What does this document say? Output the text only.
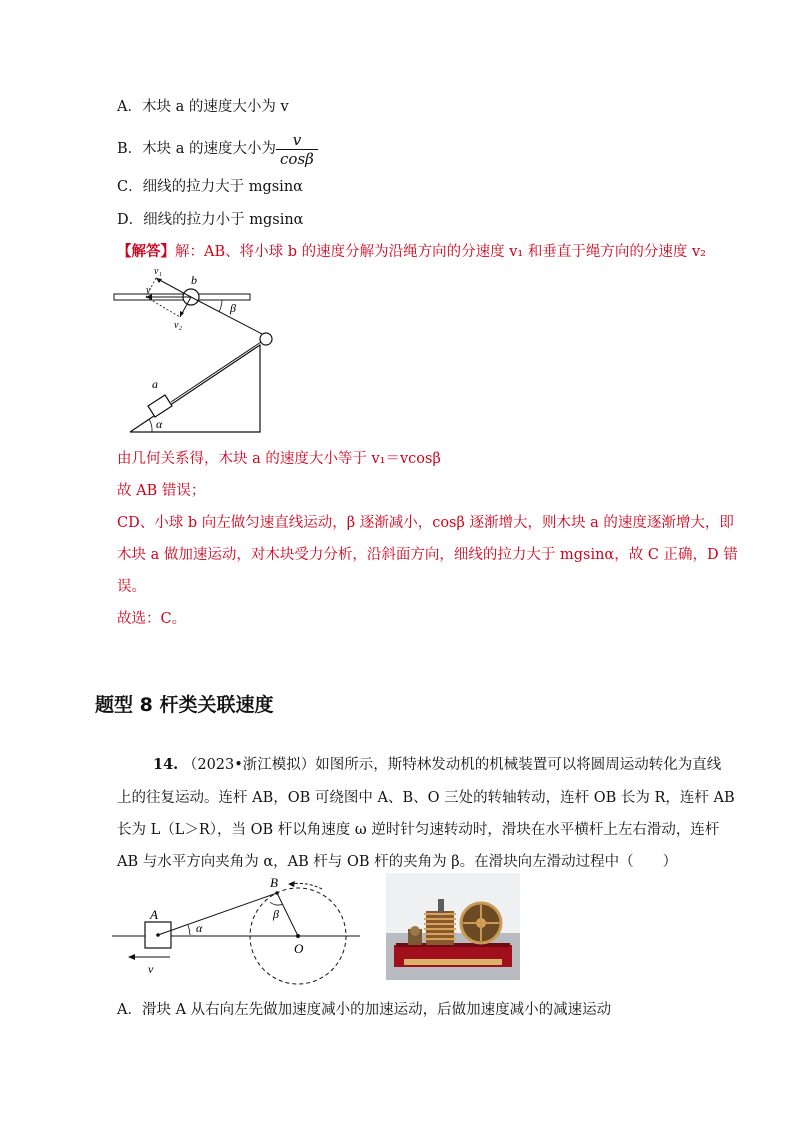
A．木块 a 的速度大小为 v
B．木块 a 的速度大小为 $\frac{v}{\cos\beta}$
C．细线的拉力大于 mgsinα
D．细线的拉力小于 mgsinα
【解答】解：AB、将小球 b 的速度分解为沿绳方向的分速度 v₁ 和垂直于绳方向的分速度 v₂
b
v₁
v
v₂
β
a
α
由几何关系得，木块 a 的速度大小等于 v₁＝vcosβ
故 AB 错误；
CD、小球 b 向左做匀速直线运动，β 逐渐减小，cosβ 逐渐增大，则木块 a 的速度逐渐增大，即
木块 a 做加速运动，对木块受力分析，沿斜面方向，细线的拉力大于 mgsinα，故 C 正确，D 错
误。
故选：C。
题型 8 杆类关联速度
14. （2023•浙江模拟）如图所示，斯特林发动机的机械装置可以将圆周运动转化为直线
上的往复运动。连杆 AB，OB 可绕图中 A、B、O 三处的转轴转动，连杆 OB 长为 R，连杆 AB
长为 L（L＞R），当 OB 杆以角速度 ω 逆时针匀速转动时，滑块在水平横杆上左右滑动，连杆
AB 与水平方向夹角为 α，AB 杆与 OB 杆的夹角为 β。在滑块向左滑动过程中（　　）
A
B
O
α
β
v
A．滑块 A 从右向左先做加速度减小的加速运动，后做加速度减小的减速运动
